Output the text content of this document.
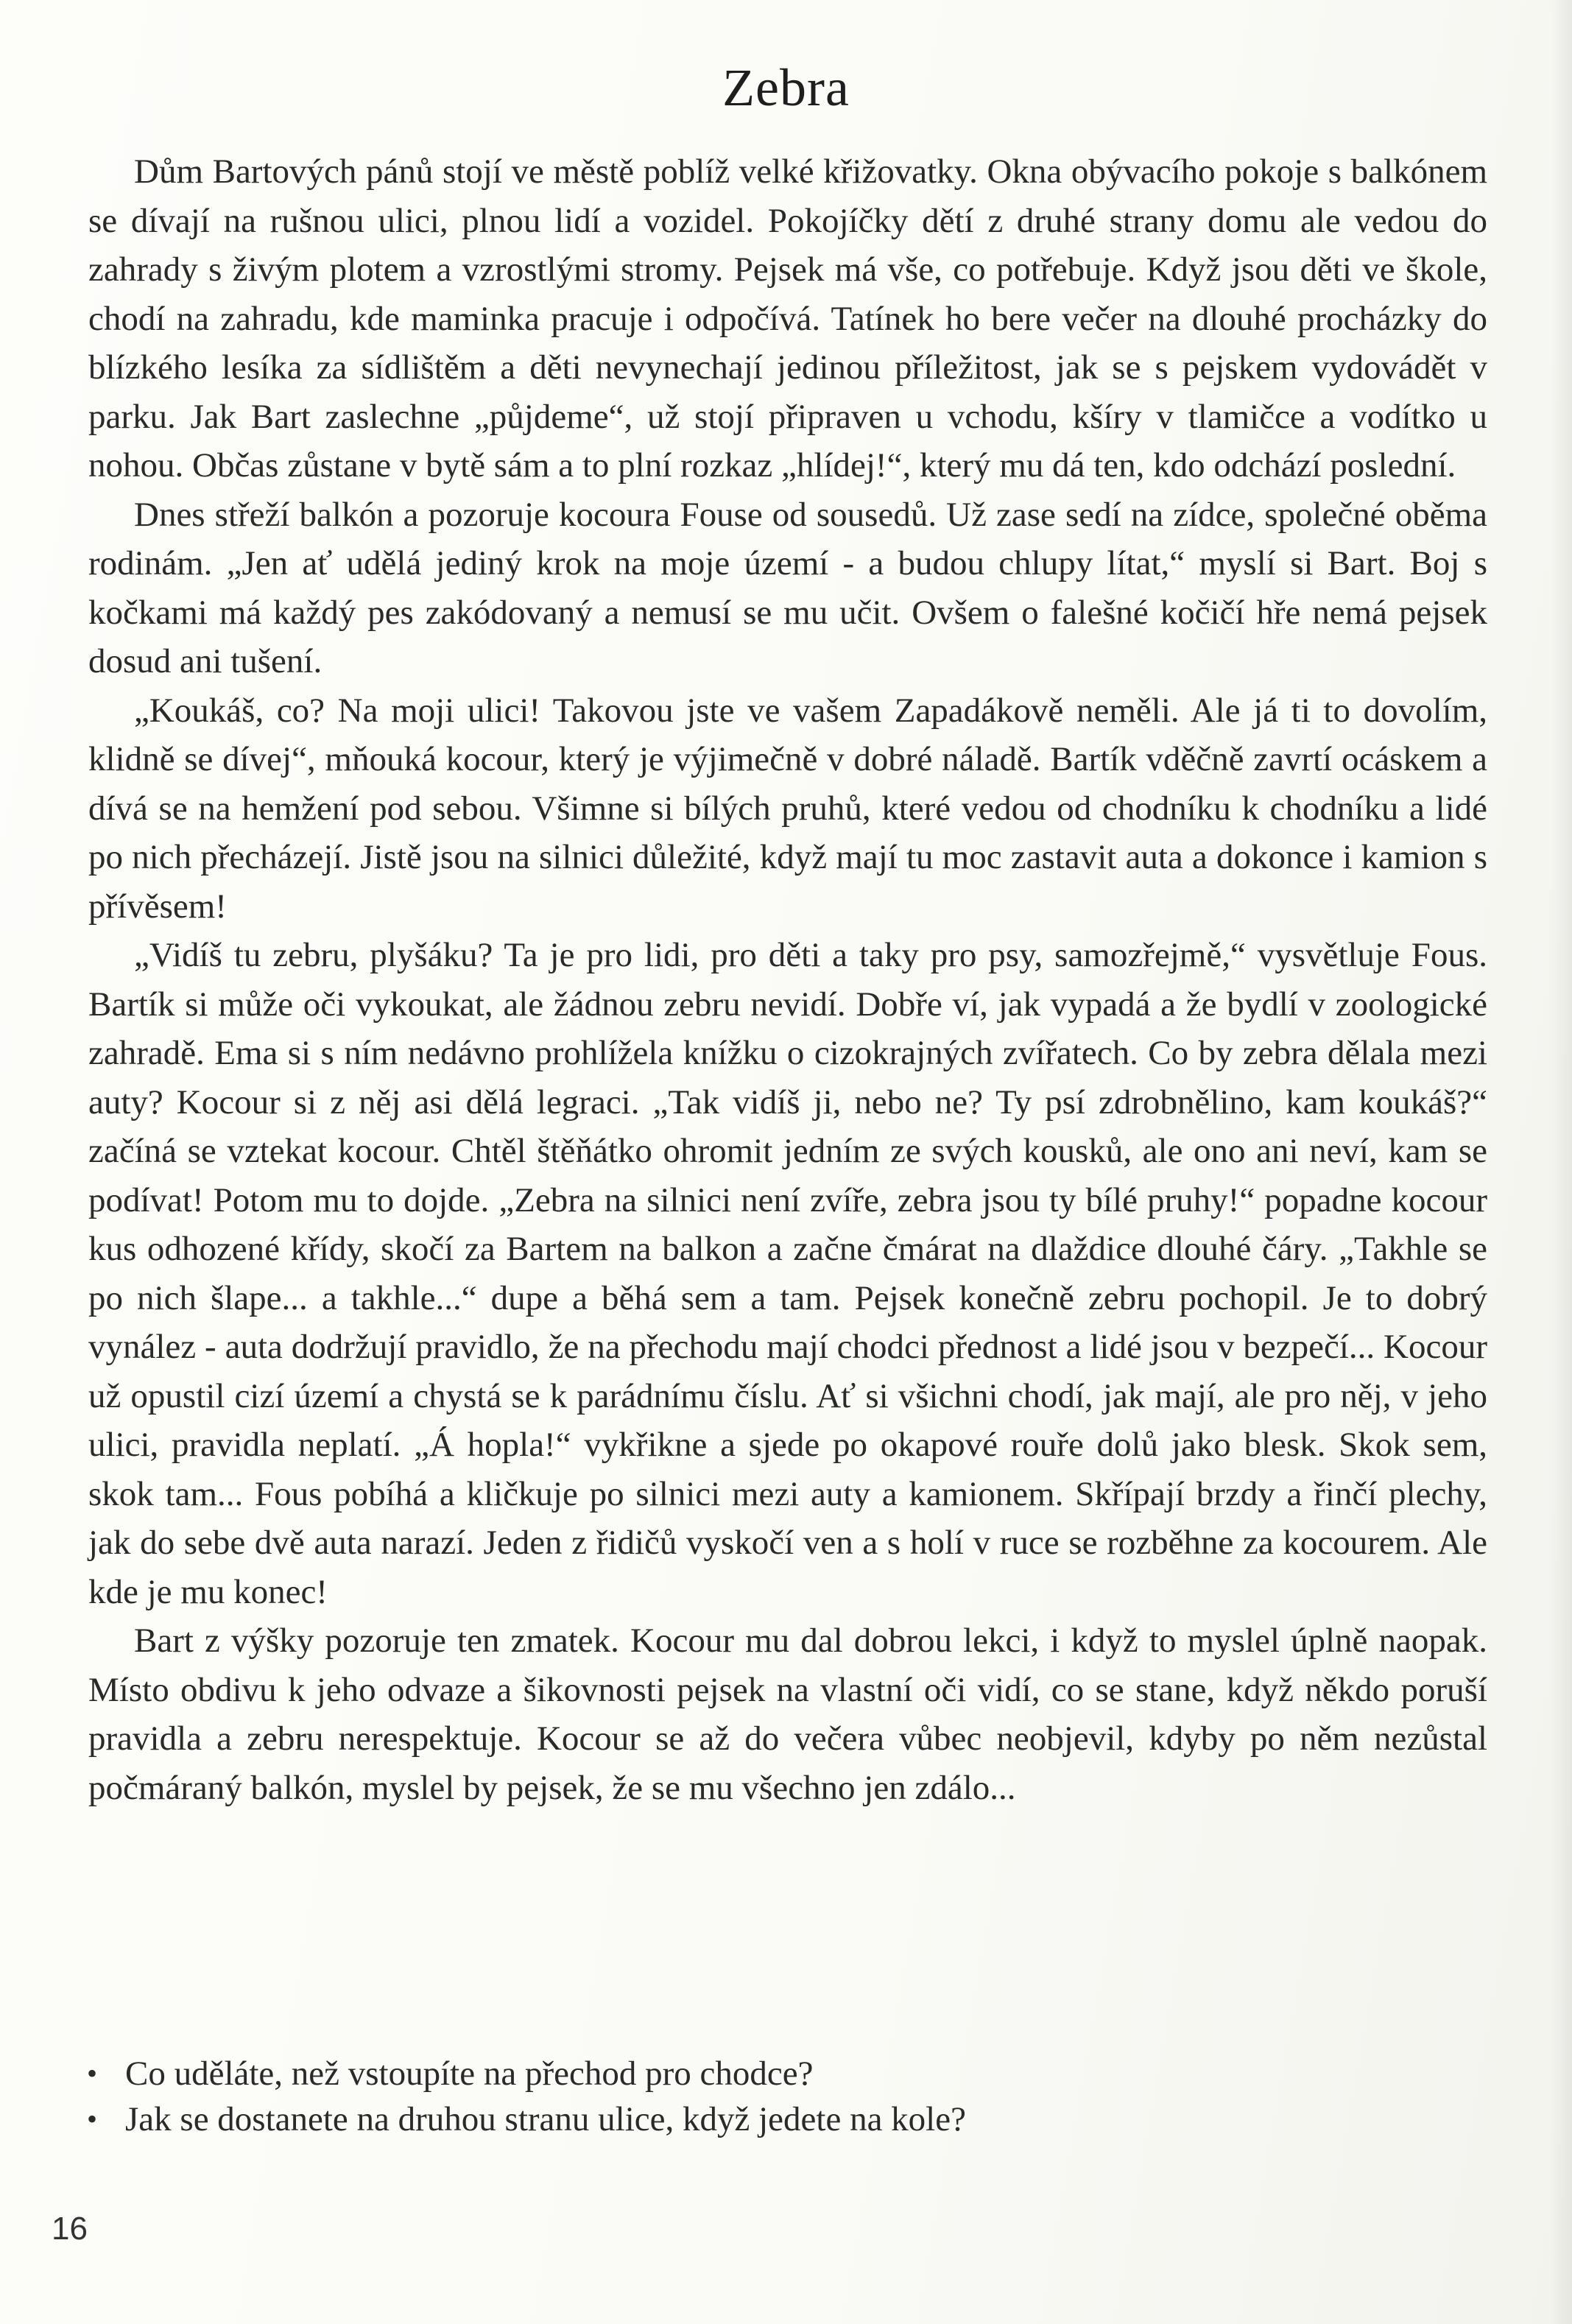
Zebra

Dům Bartových pánů stojí ve městě poblíž velké křižovatky. Okna obývacího pokoje s balkónem se dívají na rušnou ulici, plnou lidí a vozidel. Pokojíčky dětí z druhé strany domu ale vedou do zahrady s živým plotem a vzrostlými stromy. Pejsek má vše, co potřebuje. Když jsou děti ve škole, chodí na zahradu, kde maminka pracuje i odpočívá. Tatínek ho bere večer na dlouhé procházky do blízkého lesíka za sídlištěm a děti nevynechají jedinou příležitost, jak se s pejskem vydovádět v parku. Jak Bart zaslechne „půjdeme“, už stojí připraven u vchodu, kšíry v tlamičce a vodítko u nohou. Občas zůstane v bytě sám a to plní rozkaz „hlídej!“, který mu dá ten, kdo odchází poslední.

Dnes střeží balkón a pozoruje kocoura Fouse od sousedů. Už zase sedí na zídce, společné oběma rodinám. „Jen ať udělá jediný krok na moje území - a budou chlupy lítat,“ myslí si Bart. Boj s kočkami má každý pes zakódovaný a nemusí se mu učit. Ovšem o falešné kočičí hře nemá pejsek dosud ani tušení.

„Koukáš, co? Na moji ulici! Takovou jste ve vašem Zapadákově neměli. Ale já ti to dovolím, klidně se dívej“, mňouká kocour, který je výjimečně v dobré náladě. Bartík vděčně zavrtí ocáskem a dívá se na hemžení pod sebou. Všimne si bílých pruhů, které vedou od chodníku k chodníku a lidé po nich přecházejí. Jistě jsou na silnici důležité, když mají tu moc zastavit auta a dokonce i kamion s přívěsem!

„Vidíš tu zebru, plyšáku? Ta je pro lidi, pro děti a taky pro psy, samozřejmě,“ vysvětluje Fous. Bartík si může oči vykoukat, ale žádnou zebru nevidí. Dobře ví, jak vypadá a že bydlí v zoologické zahradě. Ema si s ním nedávno prohlížela knížku o cizokrajných zvířatech. Co by zebra dělala mezi auty? Kocour si z něj asi dělá legraci. „Tak vidíš ji, nebo ne? Ty psí zdrobnělino, kam koukáš?“ začíná se vztekat kocour. Chtěl štěňátko ohromit jedním ze svých kousků, ale ono ani neví, kam se podívat! Potom mu to dojde. „Zebra na silnici není zvíře, zebra jsou ty bílé pruhy!“ popadne kocour kus odhozené křídy, skočí za Bartem na balkon a začne čmárat na dlaždice dlouhé čáry. „Takhle se po nich šlape... a takhle...“ dupe a běhá sem a tam. Pejsek konečně zebru pochopil. Je to dobrý vynález - auta dodržují pravidlo, že na přechodu mají chodci přednost a lidé jsou v bezpečí... Kocour už opustil cizí území a chystá se k parádnímu číslu. Ať si všichni chodí, jak mají, ale pro něj, v jeho ulici, pravidla neplatí. „Á hopla!“ vykřikne a sjede po okapové rouře dolů jako blesk. Skok sem, skok tam... Fous pobíhá a kličkuje po silnici mezi auty a kamionem. Skřípají brzdy a řinčí plechy, jak do sebe dvě auta narazí. Jeden z řidičů vyskočí ven a s holí v ruce se rozběhne za kocourem. Ale kde je mu konec!

Bart z výšky pozoruje ten zmatek. Kocour mu dal dobrou lekci, i když to myslel úplně naopak. Místo obdivu k jeho odvaze a šikovnosti pejsek na vlastní oči vidí, co se stane, když někdo poruší pravidla a zebru nerespektuje. Kocour se až do večera vůbec neobjevil, kdyby po něm nezůstal počmáraný balkón, myslel by pejsek, že se mu všechno jen zdálo...

• Co uděláte, než vstoupíte na přechod pro chodce?
• Jak se dostanete na druhou stranu ulice, když jedete na kole?
16
